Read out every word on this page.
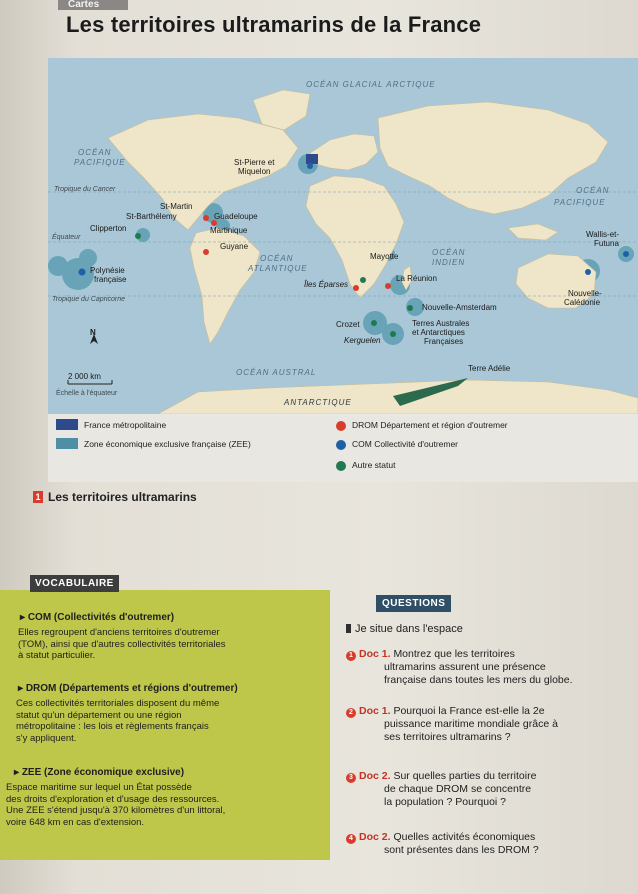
Cartes
Les territoires ultramarins de la France
OCÉAN GLACIAL ARCTIQUE
OCÉAN
PACIFIQUE
OCÉAN
PACIFIQUE
OCÉAN
ATLANTIQUE
OCÉAN
INDIEN
OCÉAN AUSTRAL
ANTARCTIQUE
Tropique du Cancer
Équateur
Tropique du Capricorne
St-Pierre et
Miquelon
St-Martin
St-Barthélemy	Guadeloupe
Clipperton	Martinique
Guyane
Polynésie
française
Mayotte
La Réunion
Îles Éparses
Wallis-et-
Futuna
Nouvelle-
Calédonie
Nouvelle-Amsterdam
Crozet
Kerguelen
Terres Australes
et Antarctiques
Françaises
Terre Adélie
N
2 000 km
Échelle à l'équateur
France métropolitaine
Zone économique exclusive française (ZEE)
DROM Département et région d'outremer
COM Collectivité d'outremer
Autre statut
1 Les territoires ultramarins
VOCABULAIRE
▸ COM (Collectivités d'outremer)
Elles regroupent d'anciens territoires d'outremer
(TOM), ainsi que d'autres collectivités territoriales
à statut particulier.
▸ DROM (Départements et régions d'outremer)
Ces collectivités territoriales disposent du même
statut qu'un département ou une région
métropolitaine : les lois et règlements français
s'y appliquent.
▸ ZEE (Zone économique exclusive)
Espace maritime sur lequel un État possède
des droits d'exploration et d'usage des ressources.
Une ZEE s'étend jusqu'à 370 kilomètres d'un littoral,
voire 648 km en cas d'extension.
QUESTIONS
Je situe dans l'espace
1 Doc 1. Montrez que les territoires
ultramarins assurent une présence
française dans toutes les mers du globe.
2 Doc 1. Pourquoi la France est-elle la 2e
puissance maritime mondiale grâce à
ses territoires ultramarins ?
3 Doc 2. Sur quelles parties du territoire
de chaque DROM se concentre
la population ? Pourquoi ?
4 Doc 2. Quelles activités économiques
sont présentes dans les DROM ?
